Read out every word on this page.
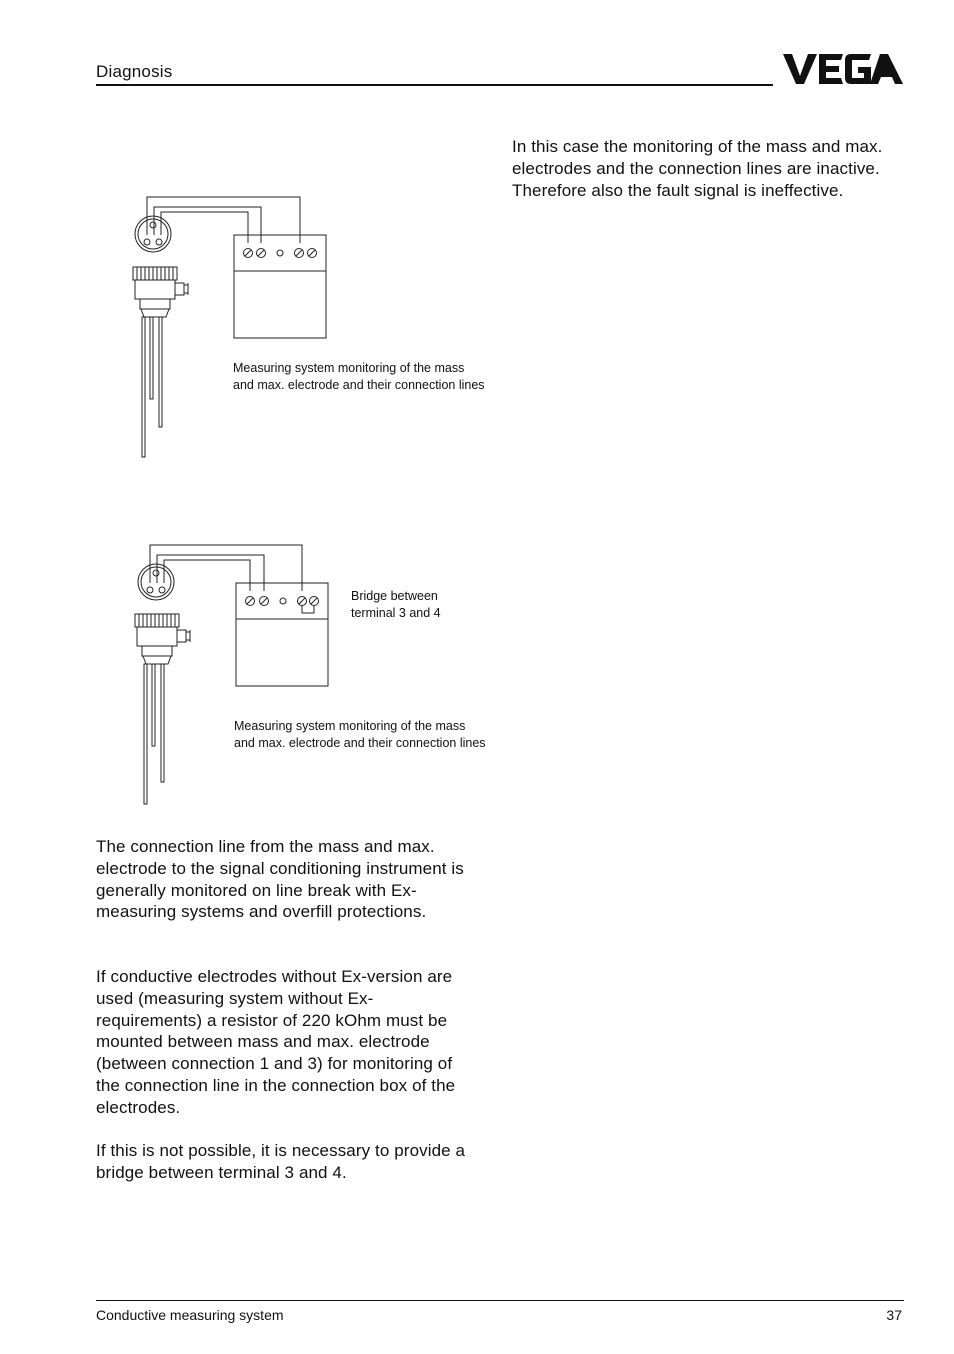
Diagnosis

In this case the monitoring of the mass and max. electrodes and the connection lines are inactive. Therefore also the fault signal is ineffective.

Measuring system monitoring of the mass and max. electrode and their connection lines

Bridge between terminal 3 and 4

Measuring system monitoring of the mass and max. electrode and their connection lines

The connection line from the mass and max. electrode to the signal conditioning instrument is generally monitored on line break with Ex-measuring systems and overfill protections.

If conductive electrodes without Ex-version are used (measuring system without Ex-requirements) a resistor of 220 kOhm must be mounted between mass and max. electrode (between connection 1 and 3) for monitoring of the connection line in the connection box of the electrodes.

If this is not possible, it is necessary to provide a bridge between terminal 3 and 4.

Conductive measuring system	37
